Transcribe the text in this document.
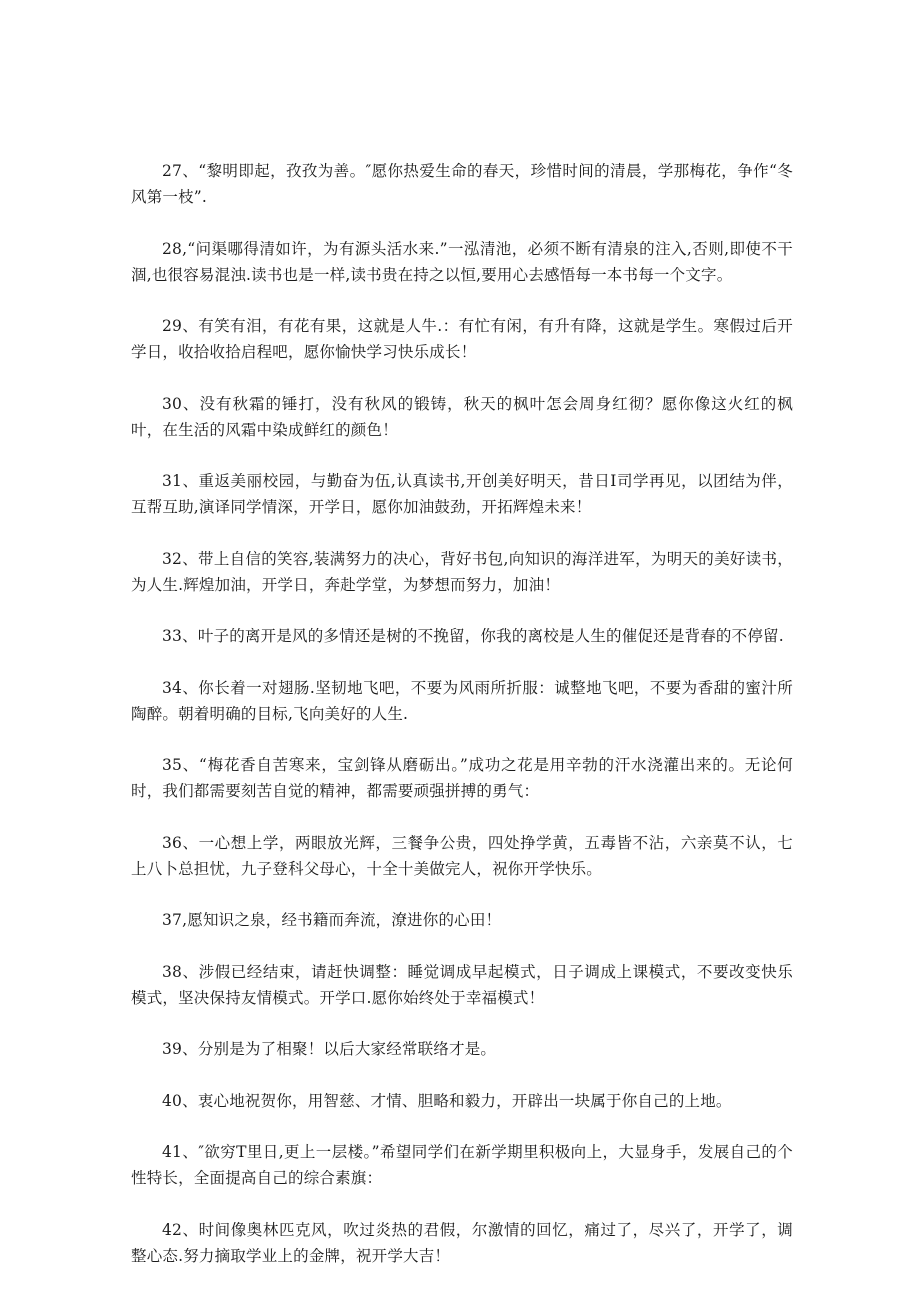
27、“黎明即起，孜孜为善。″愿你热爱生命的春天，珍惜时间的清晨，学那梅花，争作“冬风第一枝”.

28,“问渠哪得清如许，为有源头活水来.”一泓清池，必须不断有清泉的注入,否则,即使不干涸,也很容易混浊.读书也是一样,读书贵在持之以恒,要用心去感悟每一本书每一个文字。

29、有笑有泪，有花有果，这就是人牛.：有忙有闲，有升有降，这就是学生。寒假过后开学日，收拾收拾启程吧，愿你愉快学习快乐成长！

30、没有秋霜的锤打，没有秋风的锻铸，秋天的枫叶怎会周身红彻？愿你像这火红的枫叶，在生活的风霜中染成鲜红的颜色！

31、重返美丽校园，与勤奋为伍,认真读书,开创美好明天，昔日I司学再见，以团结为伴，互帮互助,演译同学情深，开学日，愿你加油鼓劲，开拓辉煌未来！

32、带上自信的笑容,装满努力的决心，背好书包,向知识的海洋进军，为明天的美好读书，为人生.辉煌加油，开学日，奔赴学堂，为梦想而努力，加油！

33、叶子的离开是风的多情还是树的不挽留，你我的离校是人生的催促还是背春的不停留.

34、你长着一对翅肠.坚韧地飞吧，不要为风雨所折服：诚整地飞吧，不要为香甜的蜜汁所陶醉。朝着明确的目标,飞向美好的人生.

35、“梅花香自苦寒来，宝剑锋从磨砺出。”成功之花是用辛勃的汗水浇灌出来的。无论何时，我们都需要刻苦自觉的精神，都需要顽强拼搏的勇气：

36、一心想上学，两眼放光辉，三餐争公贵，四处挣学黄，五毒皆不沾，六亲莫不认，七上八卜总担忧，九子登科父母心，十全十美做完人，祝你开学快乐。

37,愿知识之泉，经书籍而奔流，潦进你的心田！

38、涉假已经结束，请赶快调整：睡觉调成早起模式，日子调成上课模式，不要改变快乐模式，坚决保持友情模式。开学口.愿你始终处于幸福模式！

39、分别是为了相聚！以后大家经常联络才是。

40、衷心地祝贺你，用智慈、才情、胆略和毅力，开辟出一块属于你自己的上地。

41、″欲穷T里日,更上一层楼。”希望同学们在新学期里积极向上，大显身手，发展自己的个性特长，全面提高自己的综合素旗：

42、时间像奥林匹克风，吹过炎热的君假，尔激情的回忆，痛过了，尽兴了，开学了，调整心态.努力摘取学业上的金牌，祝开学大吉！
